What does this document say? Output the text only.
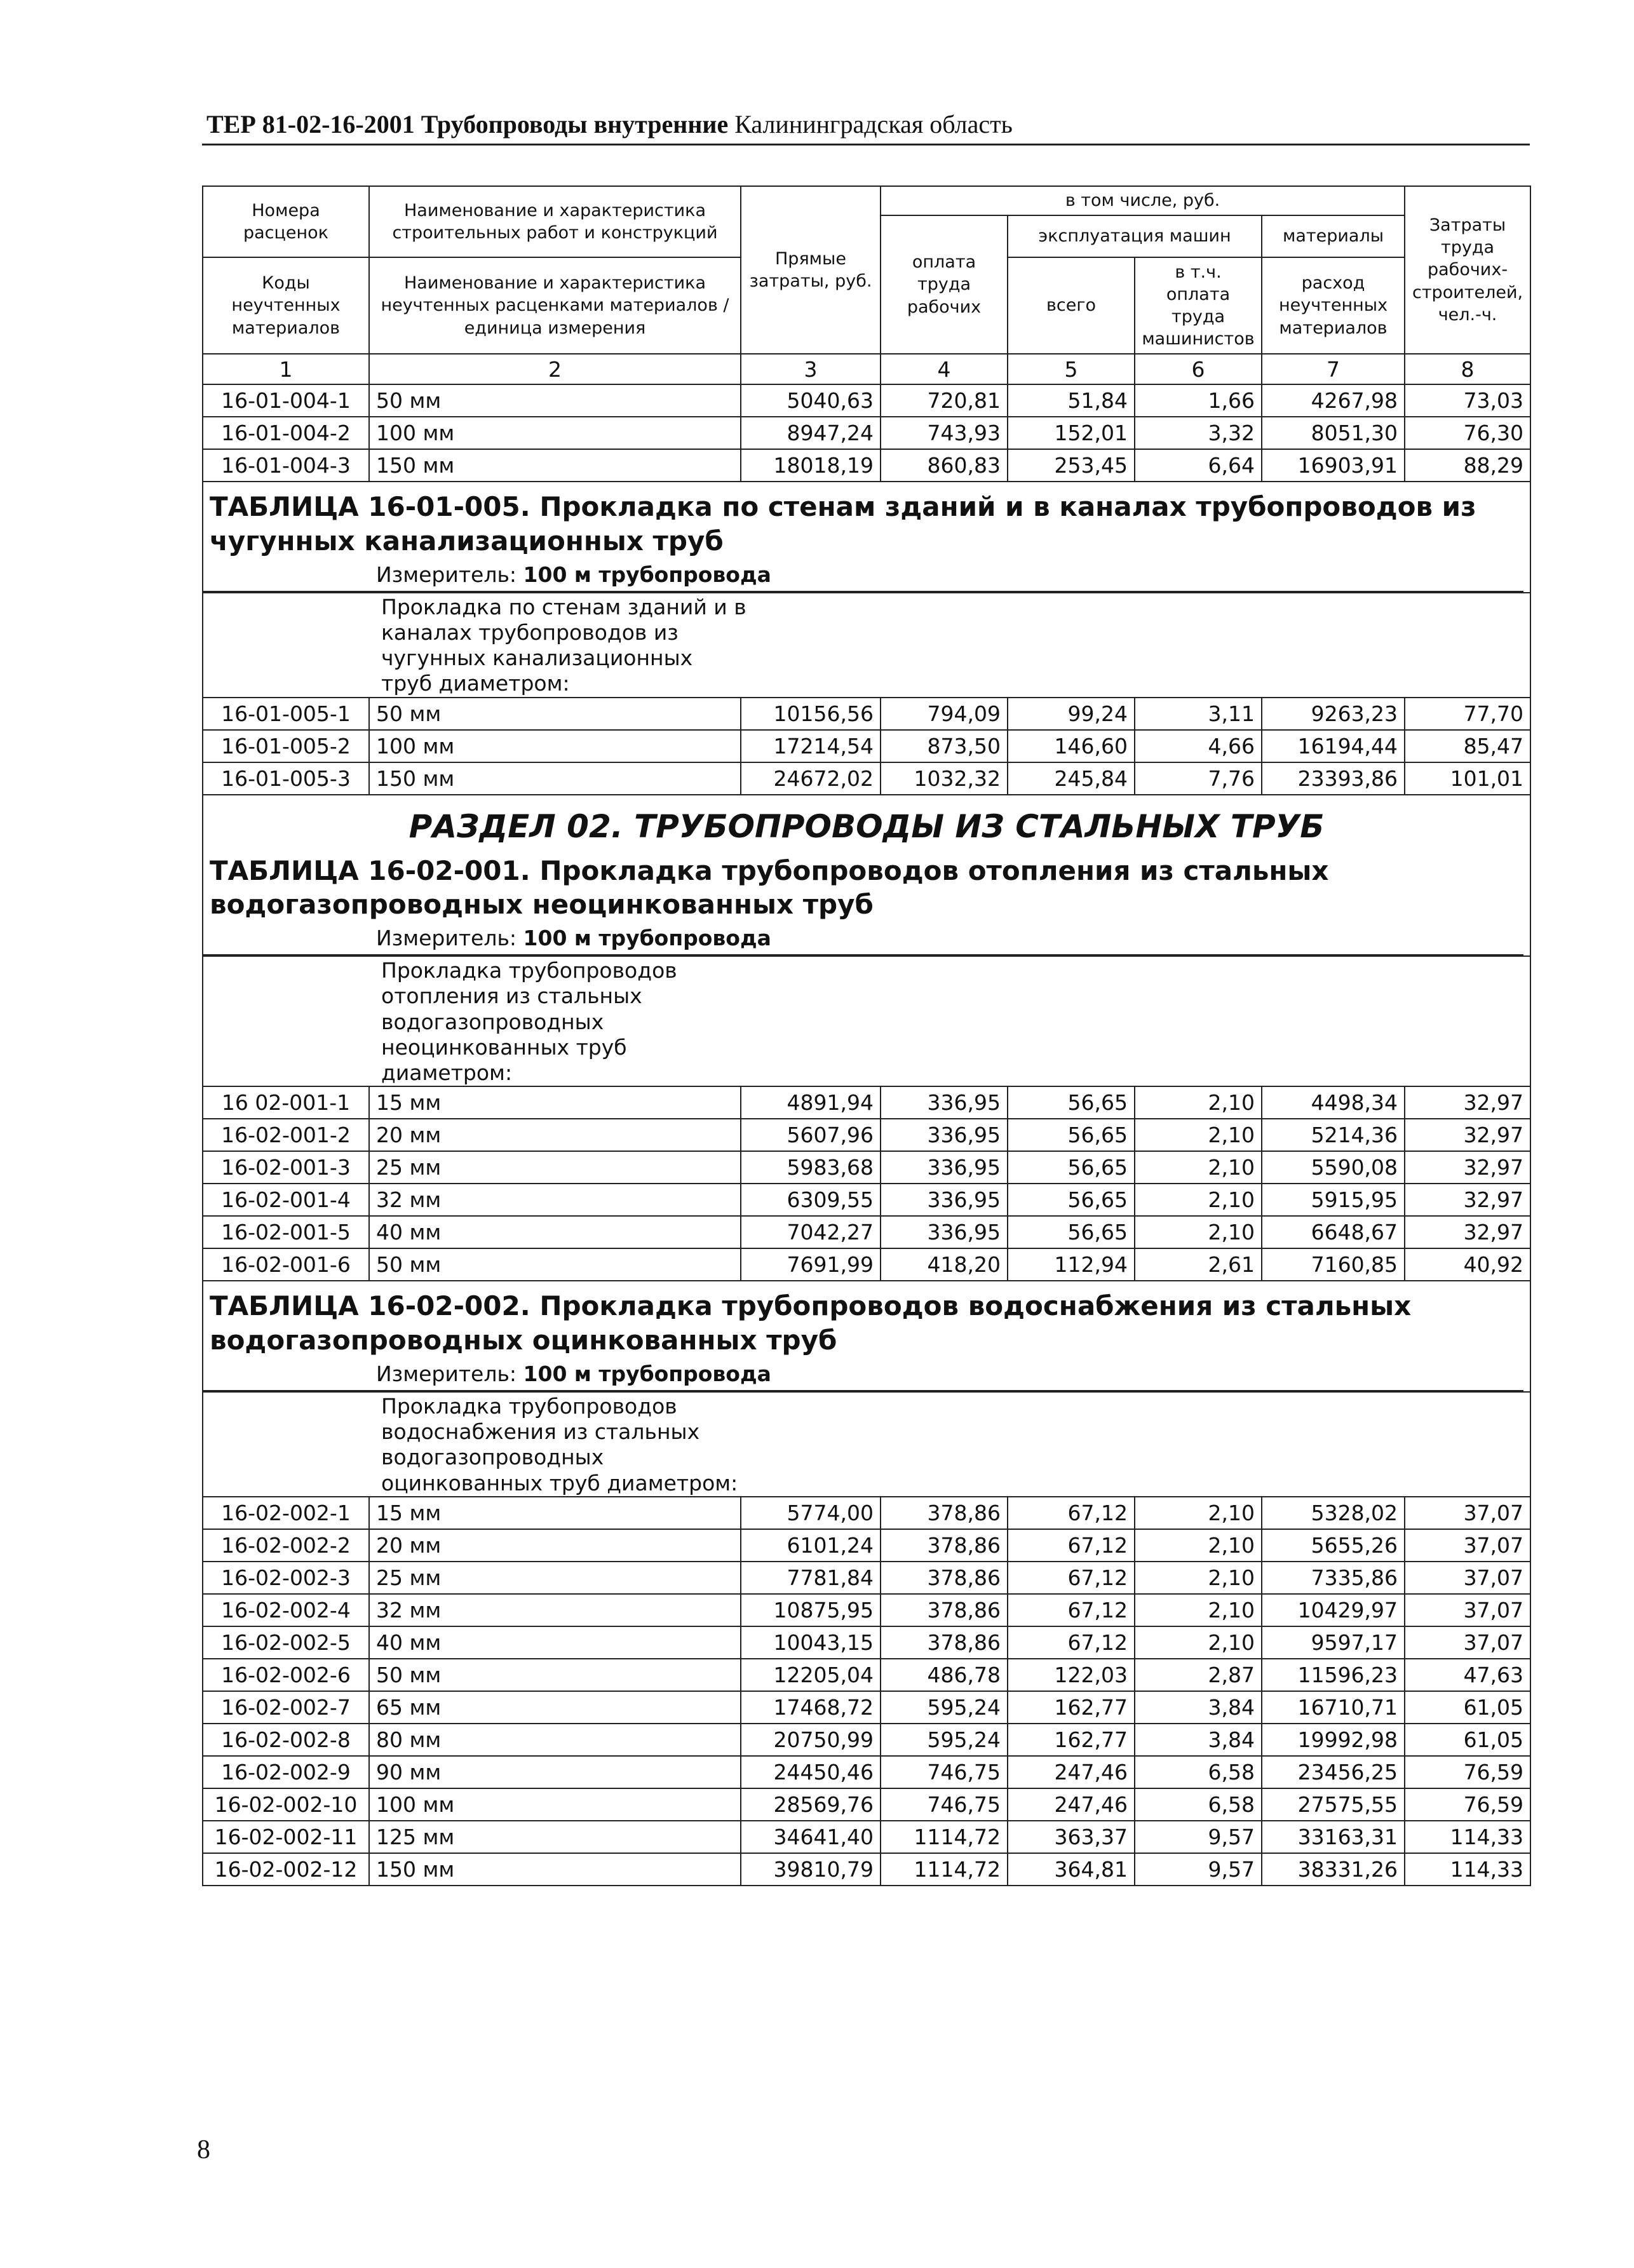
ТЕР 81-02-16-2001 Трубопроводы внутренние Калининградская область
Номера расценок	Наименование и характеристика строительных работ и конструкций	Прямые затраты, руб.	в том числе, руб.				Затраты труда рабочих-строителей, чел.-ч.
			оплата труда рабочих	эксплуатация машин		материалы	
Коды неучтенных материалов	Наименование и характеристика неучтенных расценками материалов / единица измерения			всего	в т.ч. оплата труда машинистов	расход неучтенных материалов	

1	2	3	4	5	6	7	8
16-01-004-1	50 мм	5040,63	720,81	51,84	1,66	4267,98	73,03
16-01-004-2	100 мм	8947,24	743,93	152,01	3,32	8051,30	76,30
16-01-004-3	150 мм	18018,19	860,83	253,45	6,64	16903,91	88,29

ТАБЛИЦА 16-01-005. Прокладка по стенам зданий и в каналах трубопроводов из чугунных канализационных труб
Измеритель: 100 м трубопровода							

Прокладка по стенам зданий и в
каналах трубопроводов из
чугунных канализационных
труб диаметром:							

16-01-005-1	50 мм	10156,56	794,09	99,24	3,11	9263,23	77,70
16-01-005-2	100 мм	17214,54	873,50	146,60	4,66	16194,44	85,47
16-01-005-3	150 мм	24672,02	1032,32	245,84	7,76	23393,86	101,01

РАЗДЕЛ 02. ТРУБОПРОВОДЫ ИЗ СТАЛЬНЫХ ТРУБ
ТАБЛИЦА 16-02-001. Прокладка трубопроводов отопления из стальных водогазопроводных неоцинкованных труб
Измеритель: 100 м трубопровода							

Прокладка трубопроводов
отопления из стальных
водогазопроводных
неоцинкованных труб
диаметром:							

16 02-001-1	15 мм	4891,94	336,95	56,65	2,10	4498,34	32,97
16-02-001-2	20 мм	5607,96	336,95	56,65	2,10	5214,36	32,97
16-02-001-3	25 мм	5983,68	336,95	56,65	2,10	5590,08	32,97
16-02-001-4	32 мм	6309,55	336,95	56,65	2,10	5915,95	32,97
16-02-001-5	40 мм	7042,27	336,95	56,65	2,10	6648,67	32,97
16-02-001-6	50 мм	7691,99	418,20	112,94	2,61	7160,85	40,92

ТАБЛИЦА 16-02-002. Прокладка трубопроводов водоснабжения из стальных водогазопроводных оцинкованных труб
Измеритель: 100 м трубопровода							

Прокладка трубопроводов
водоснабжения из стальных
водогазопроводных
оцинкованных труб диаметром:							

16-02-002-1	15 мм	5774,00	378,86	67,12	2,10	5328,02	37,07
16-02-002-2	20 мм	6101,24	378,86	67,12	2,10	5655,26	37,07
16-02-002-3	25 мм	7781,84	378,86	67,12	2,10	7335,86	37,07
16-02-002-4	32 мм	10875,95	378,86	67,12	2,10	10429,97	37,07
16-02-002-5	40 мм	10043,15	378,86	67,12	2,10	9597,17	37,07
16-02-002-6	50 мм	12205,04	486,78	122,03	2,87	11596,23	47,63
16-02-002-7	65 мм	17468,72	595,24	162,77	3,84	16710,71	61,05
16-02-002-8	80 мм	20750,99	595,24	162,77	3,84	19992,98	61,05
16-02-002-9	90 мм	24450,46	746,75	247,46	6,58	23456,25	76,59
16-02-002-10	100 мм	28569,76	746,75	247,46	6,58	27575,55	76,59
16-02-002-11	125 мм	34641,40	1114,72	363,37	9,57	33163,31	114,33
16-02-002-12	150 мм	39810,79	1114,72	364,81	9,57	38331,26	114,33
8
